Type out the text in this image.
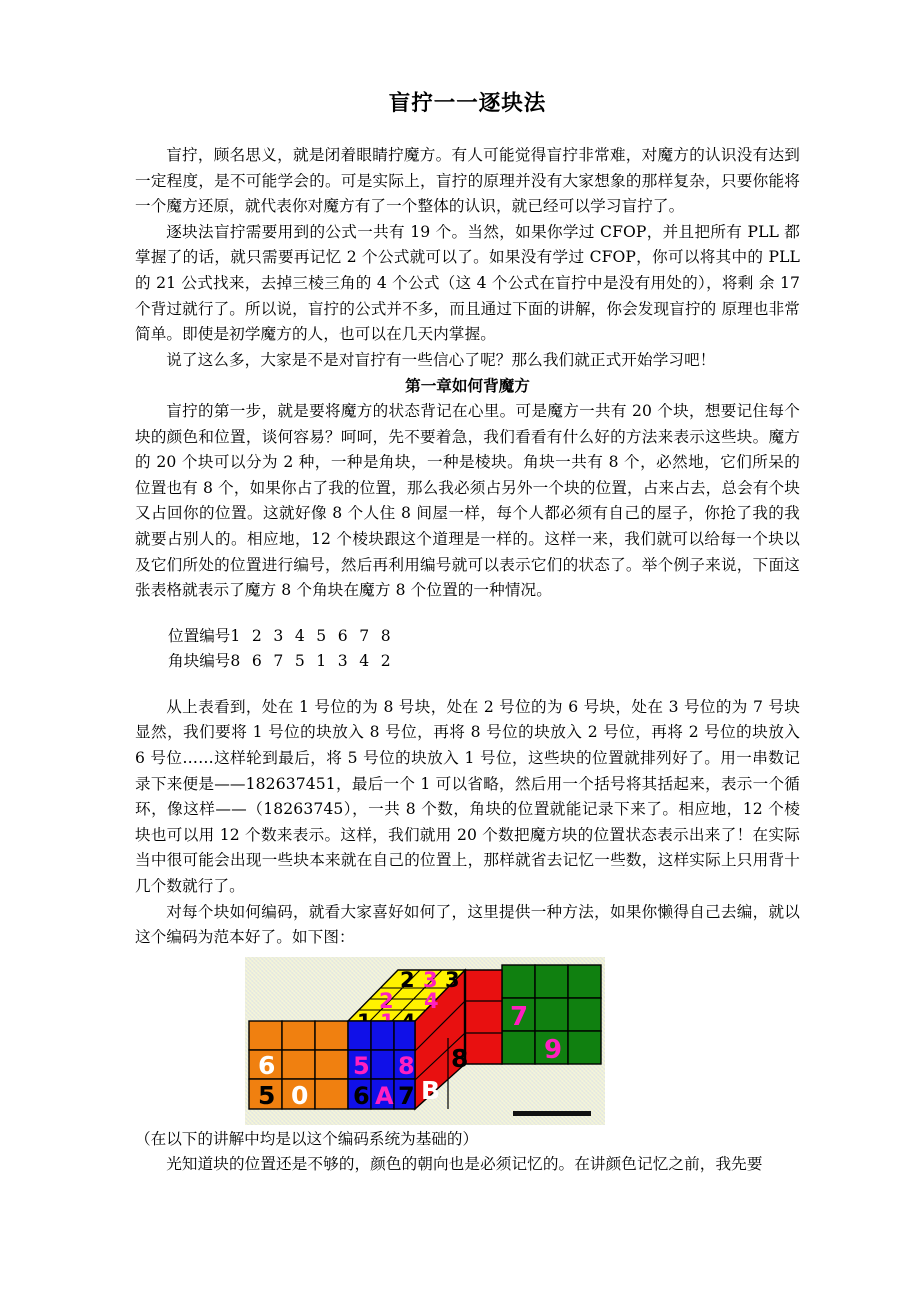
盲拧一一逐块法

盲拧，顾名思义，就是闭着眼睛拧魔方。有人可能觉得盲拧非常难，对魔方的认识没有达到一定程度，是不可能学会的。可是实际上，盲拧的原理并没有大家想象的那样复杂，只要你能将一个魔方还原，就代表你对魔方有了一个整体的认识，就已经可以学习盲拧了。

逐块法盲拧需要用到的公式一共有 19 个。当然，如果你学过 CFOP，并且把所有 PLL 都掌握了的话，就只需要再记忆 2 个公式就可以了。如果没有学过 CFOP，你可以将其中的 PLL 的 21 公式找来，去掉三棱三角的 4 个公式（这 4 个公式在盲拧中是没有用处的），将剩 余 17 个背过就行了。所以说，盲拧的公式并不多，而且通过下面的讲解，你会发现盲拧的 原理也非常简单。即使是初学魔方的人，也可以在几天内掌握。

说了这么多，大家是不是对盲拧有一些信心了呢？那么我们就正式开始学习吧！

第一章如何背魔方

盲拧的第一步，就是要将魔方的状态背记在心里。可是魔方一共有 20 个块，想要记住每个块的颜色和位置，谈何容易？呵呵，先不要着急，我们看看有什么好的方法来表示这些块。魔方的 20 个块可以分为 2 种，一种是角块，一种是棱块。角块一共有 8 个，必然地，它们所呆的位置也有 8 个，如果你占了我的位置，那么我必须占另外一个块的位置，占来占去，总会有个块又占回你的位置。这就好像 8 个人住 8 间屋一样，每个人都必须有自己的屋子，你抢了我的我就要占别人的。相应地，12 个棱块跟这个道理是一样的。这样一来，我们就可以给每一个块以及它们所处的位置进行编号，然后再利用编号就可以表示它们的状态了。举个例子来说，下面这张表格就表示了魔方 8 个角块在魔方 8 个位置的一种情况。

位置编号1 2 3 4 5 6 7 8
角块编号8 6 7 5 1 3 4 2

从上表看到，处在 1 号位的为 8 号块，处在 2 号位的为 6 号块，处在 3 号位的为 7 号块显然，我们要将 1 号位的块放入 8 号位，再将 8 号位的块放入 2 号位，再将 2 号位的块放入 6 号位……这样轮到最后，将 5 号位的块放入 1 号位，这些块的位置就排列好了。用一串数记录下来便是——182637451，最后一个 1 可以省略，然后用一个括号将其括起来，表示一个循环，像这样——（18263745），一共 8 个数，角块的位置就能记录下来了。相应地，12 个棱块也可以用 12 个数来表示。这样，我们就用 20 个数把魔方块的位置状态表示出来了！在实际当中很可能会出现一些块本来就在自己的位置上，那样就省去记忆一些数，这样实际上只用背十几个数就行了。

对每个块如何编码，就看大家喜好如何了，这里提供一种方法，如果你懒得自己去编，就以这个编码为范本好了。如下图：

6
5 0
7
9
B
8
2 3 3
2 4
5 8
6 A 7

（在以下的讲解中均是以这个编码系统为基础的）

光知道块的位置还是不够的，颜色的朝向也是必须记忆的。在讲颜色记忆之前，我先要
